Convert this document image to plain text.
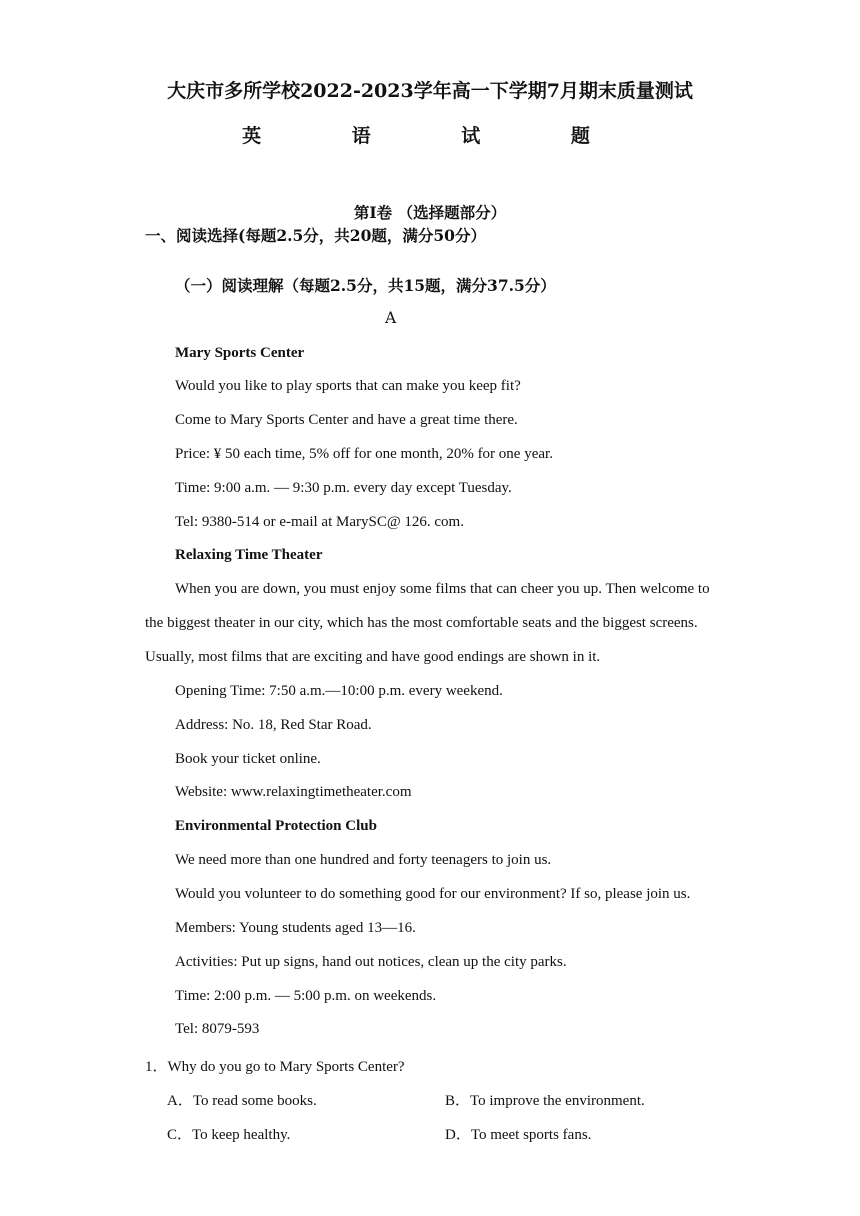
大庆市多所学校2022-2023学年高一下学期7月期末质量测试
英 语 试 题
第Ⅰ卷 （选择题部分）
一、阅读选择(每题2.5分，共20题，满分50分）
（一）阅读理解（每题2.5分，共15题，满分37.5分）
A
Mary Sports Center
Would you like to play sports that can make you keep fit?
Come to Mary Sports Center and have a great time there.
Price: ¥ 50 each time, 5% off for one month, 20% for one year.
Time: 9:00 a.m. — 9:30 p.m. every day except Tuesday.
Tel: 9380-514 or e-mail at MarySC@ 126. com.
Relaxing Time Theater
When you are down, you must enjoy some films that can cheer you up. Then welcome to
the biggest theater in our city, which has the most comfortable seats and the biggest screens.
Usually, most films that are exciting and have good endings are shown in it.
Opening Time: 7:50 a.m.—10:00 p.m. every weekend.
Address: No. 18, Red Star Road.
Book your ticket online.
Website: www.relaxingtimetheater.com
Environmental Protection Club
We need more than one hundred and forty teenagers to join us.
Would you volunteer to do something good for our environment? If so, please join us.
Members: Young students aged 13—16.
Activities: Put up signs, hand out notices, clean up the city parks.
Time: 2:00 p.m. — 5:00 p.m. on weekends.
Tel: 8079-593
1．Why do you go to Mary Sports Center?
A．To read some books.	B．To improve the environment.
C．To keep healthy.	D．To meet sports fans.
